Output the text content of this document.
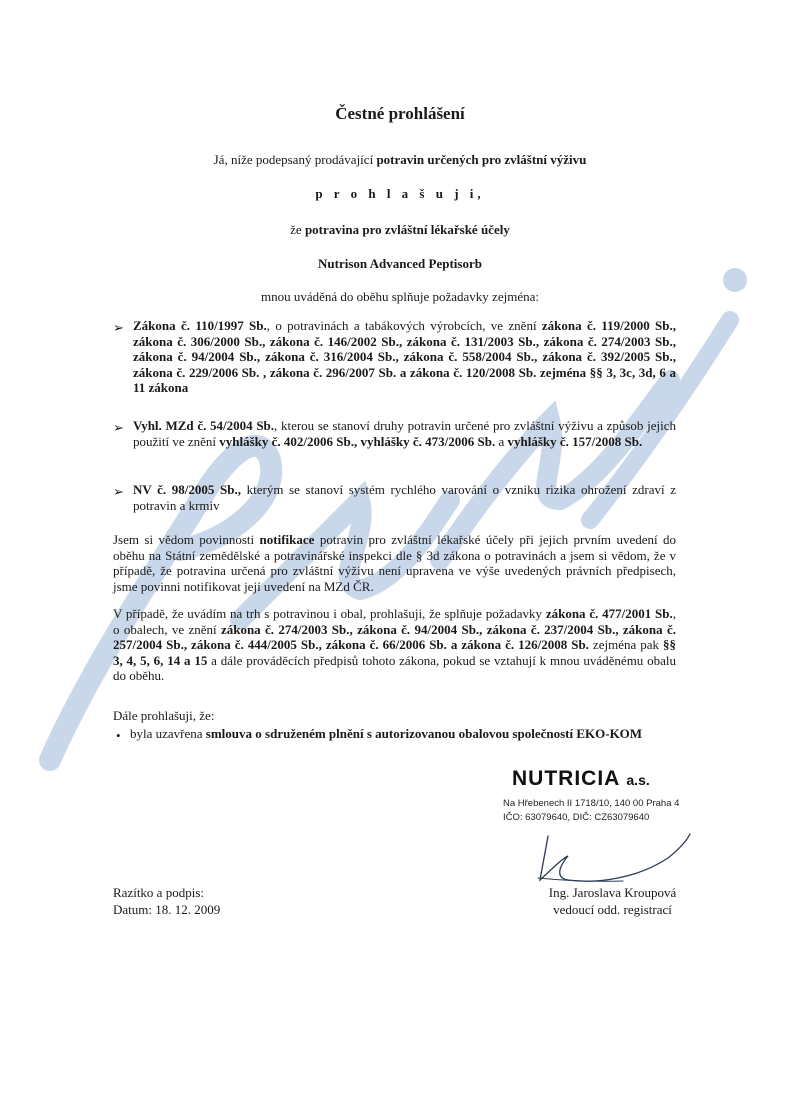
Čestné prohlášení
Já, níže podepsaný prodávající potravin určených pro zvláštní výživu
p r o h l a š u j i,
že potravina pro zvláštní lékařské účely
Nutrison Advanced Peptisorb
mnou uváděná do oběhu splňuje požadavky zejména:
➢ Zákona č. 110/1997 Sb., o potravinách a tabákových výrobcích, ve znění zákona č. 119/2000 Sb., zákona č. 306/2000 Sb., zákona č. 146/2002 Sb., zákona č. 131/2003 Sb., zákona č. 274/2003 Sb., zákona č. 94/2004 Sb., zákona č. 316/2004 Sb., zákona č. 558/2004 Sb., zákona č. 392/2005 Sb., zákona č. 229/2006 Sb. , zákona č. 296/2007 Sb. a zákona č. 120/2008 Sb. zejména §§ 3, 3c, 3d, 6 a 11 zákona
➢ Vyhl. MZd č. 54/2004 Sb., kterou se stanoví druhy potravin určené pro zvláštní výživu a způsob jejich použití ve znění vyhlášky č. 402/2006 Sb., vyhlášky č. 473/2006 Sb. a vyhlášky č. 157/2008 Sb.
➢ NV č. 98/2005 Sb., kterým se stanoví systém rychlého varování o vzniku rizika ohrožení zdraví z potravin a krmiv
Jsem si vědom povinnosti notifikace potravin pro zvláštní lékařské účely při jejich prvním uvedení do oběhu na Státní zemědělské a potravinářské inspekci dle § 3d zákona o potravinách a jsem si vědom, že v případě, že potravina určená pro zvláštní výživu není upravena ve výše uvedených právních předpisech, jsme povinni notifikovat její uvedení na MZd ČR.
V případě, že uvádím na trh s potravinou i obal, prohlašuji, že splňuje požadavky zákona č. 477/2001 Sb., o obalech, ve znění zákona č. 274/2003 Sb., zákona č. 94/2004 Sb., zákona č. 237/2004 Sb., zákona č. 257/2004 Sb., zákona č. 444/2005 Sb., zákona č. 66/2006 Sb. a zákona č. 126/2008 Sb. zejména pak §§ 3, 4, 5, 6, 14 a 15 a dále prováděcích předpisů tohoto zákona, pokud se vztahují k mnou uváděnému obalu do oběhu.
Dále prohlašuji, že:
• byla uzavřena smlouva o sdruženém plnění s autorizovanou obalovou společností EKO-KOM
NUTRICIA a.s.
Na Hřebenech II 1718/10, 140 00 Praha 4
IČO: 63079640, DIČ: CZ63079640
Razítko a podpis:
Datum: 18. 12. 2009
Ing. Jaroslava Kroupová
vedoucí odd. registrací
